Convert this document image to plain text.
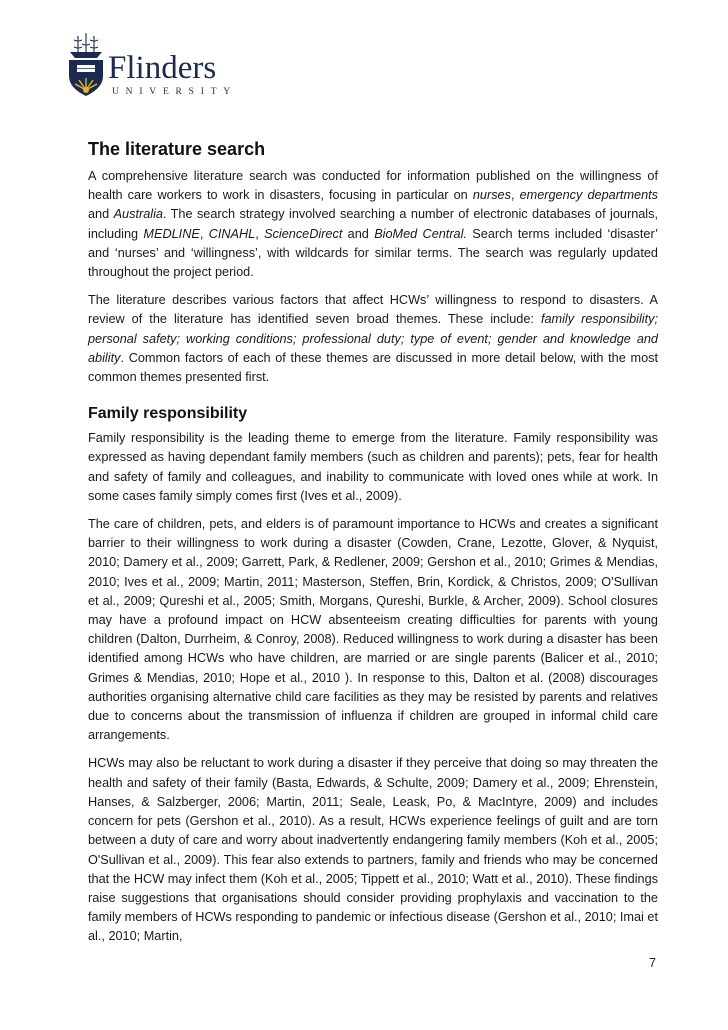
Flinders
UNIVERSITY
The literature search

A comprehensive literature search was conducted for information published on the willingness of health care workers to work in disasters, focusing in particular on nurses, emergency departments and Australia. The search strategy involved searching a number of electronic databases of journals, including MEDLINE, CINAHL, ScienceDirect and BioMed Central. Search terms included ‘disaster’ and ‘nurses’ and ‘willingness’, with wildcards for similar terms. The search was regularly updated throughout the project period.

The literature describes various factors that affect HCWs’ willingness to respond to disasters. A review of the literature has identified seven broad themes. These include: family responsibility; personal safety; working conditions; professional duty; type of event; gender and knowledge and ability. Common factors of each of these themes are discussed in more detail below, with the most common themes presented first.

Family responsibility

Family responsibility is the leading theme to emerge from the literature. Family responsibility was expressed as having dependant family members (such as children and parents); pets, fear for health and safety of family and colleagues, and inability to communicate with loved ones while at work. In some cases family simply comes first (Ives et al., 2009).

The care of children, pets, and elders is of paramount importance to HCWs and creates a significant barrier to their willingness to work during a disaster (Cowden, Crane, Lezotte, Glover, & Nyquist, 2010; Damery et al., 2009; Garrett, Park, & Redlener, 2009; Gershon et al., 2010; Grimes & Mendias, 2010; Ives et al., 2009; Martin, 2011; Masterson, Steffen, Brin, Kordick, & Christos, 2009; O'Sullivan et al., 2009; Qureshi et al., 2005; Smith, Morgans, Qureshi, Burkle, & Archer, 2009). School closures may have a profound impact on HCW absenteeism creating difficulties for parents with young children (Dalton, Durrheim, & Conroy, 2008). Reduced willingness to work during a disaster has been identified among HCWs who have children, are married or are single parents (Balicer et al., 2010; Grimes & Mendias, 2010; Hope et al., 2010 ). In response to this, Dalton et al. (2008) discourages authorities organising alternative child care facilities as they may be resisted by parents and relatives due to concerns about the transmission of influenza if children are grouped in informal child care arrangements.

HCWs may also be reluctant to work during a disaster if they perceive that doing so may threaten the health and safety of their family (Basta, Edwards, & Schulte, 2009; Damery et al., 2009; Ehrenstein, Hanses, & Salzberger, 2006; Martin, 2011; Seale, Leask, Po, & MacIntyre, 2009) and includes concern for pets (Gershon et al., 2010). As a result, HCWs experience feelings of guilt and are torn between a duty of care and worry about inadvertently endangering family members (Koh et al., 2005; O'Sullivan et al., 2009). This fear also extends to partners, family and friends who may be concerned that the HCW may infect them (Koh et al., 2005; Tippett et al., 2010; Watt et al., 2010). These findings raise suggestions that organisations should consider providing prophylaxis and vaccination to the family members of HCWs responding to pandemic or infectious disease (Gershon et al., 2010; Imai et al., 2010; Martin,

7
